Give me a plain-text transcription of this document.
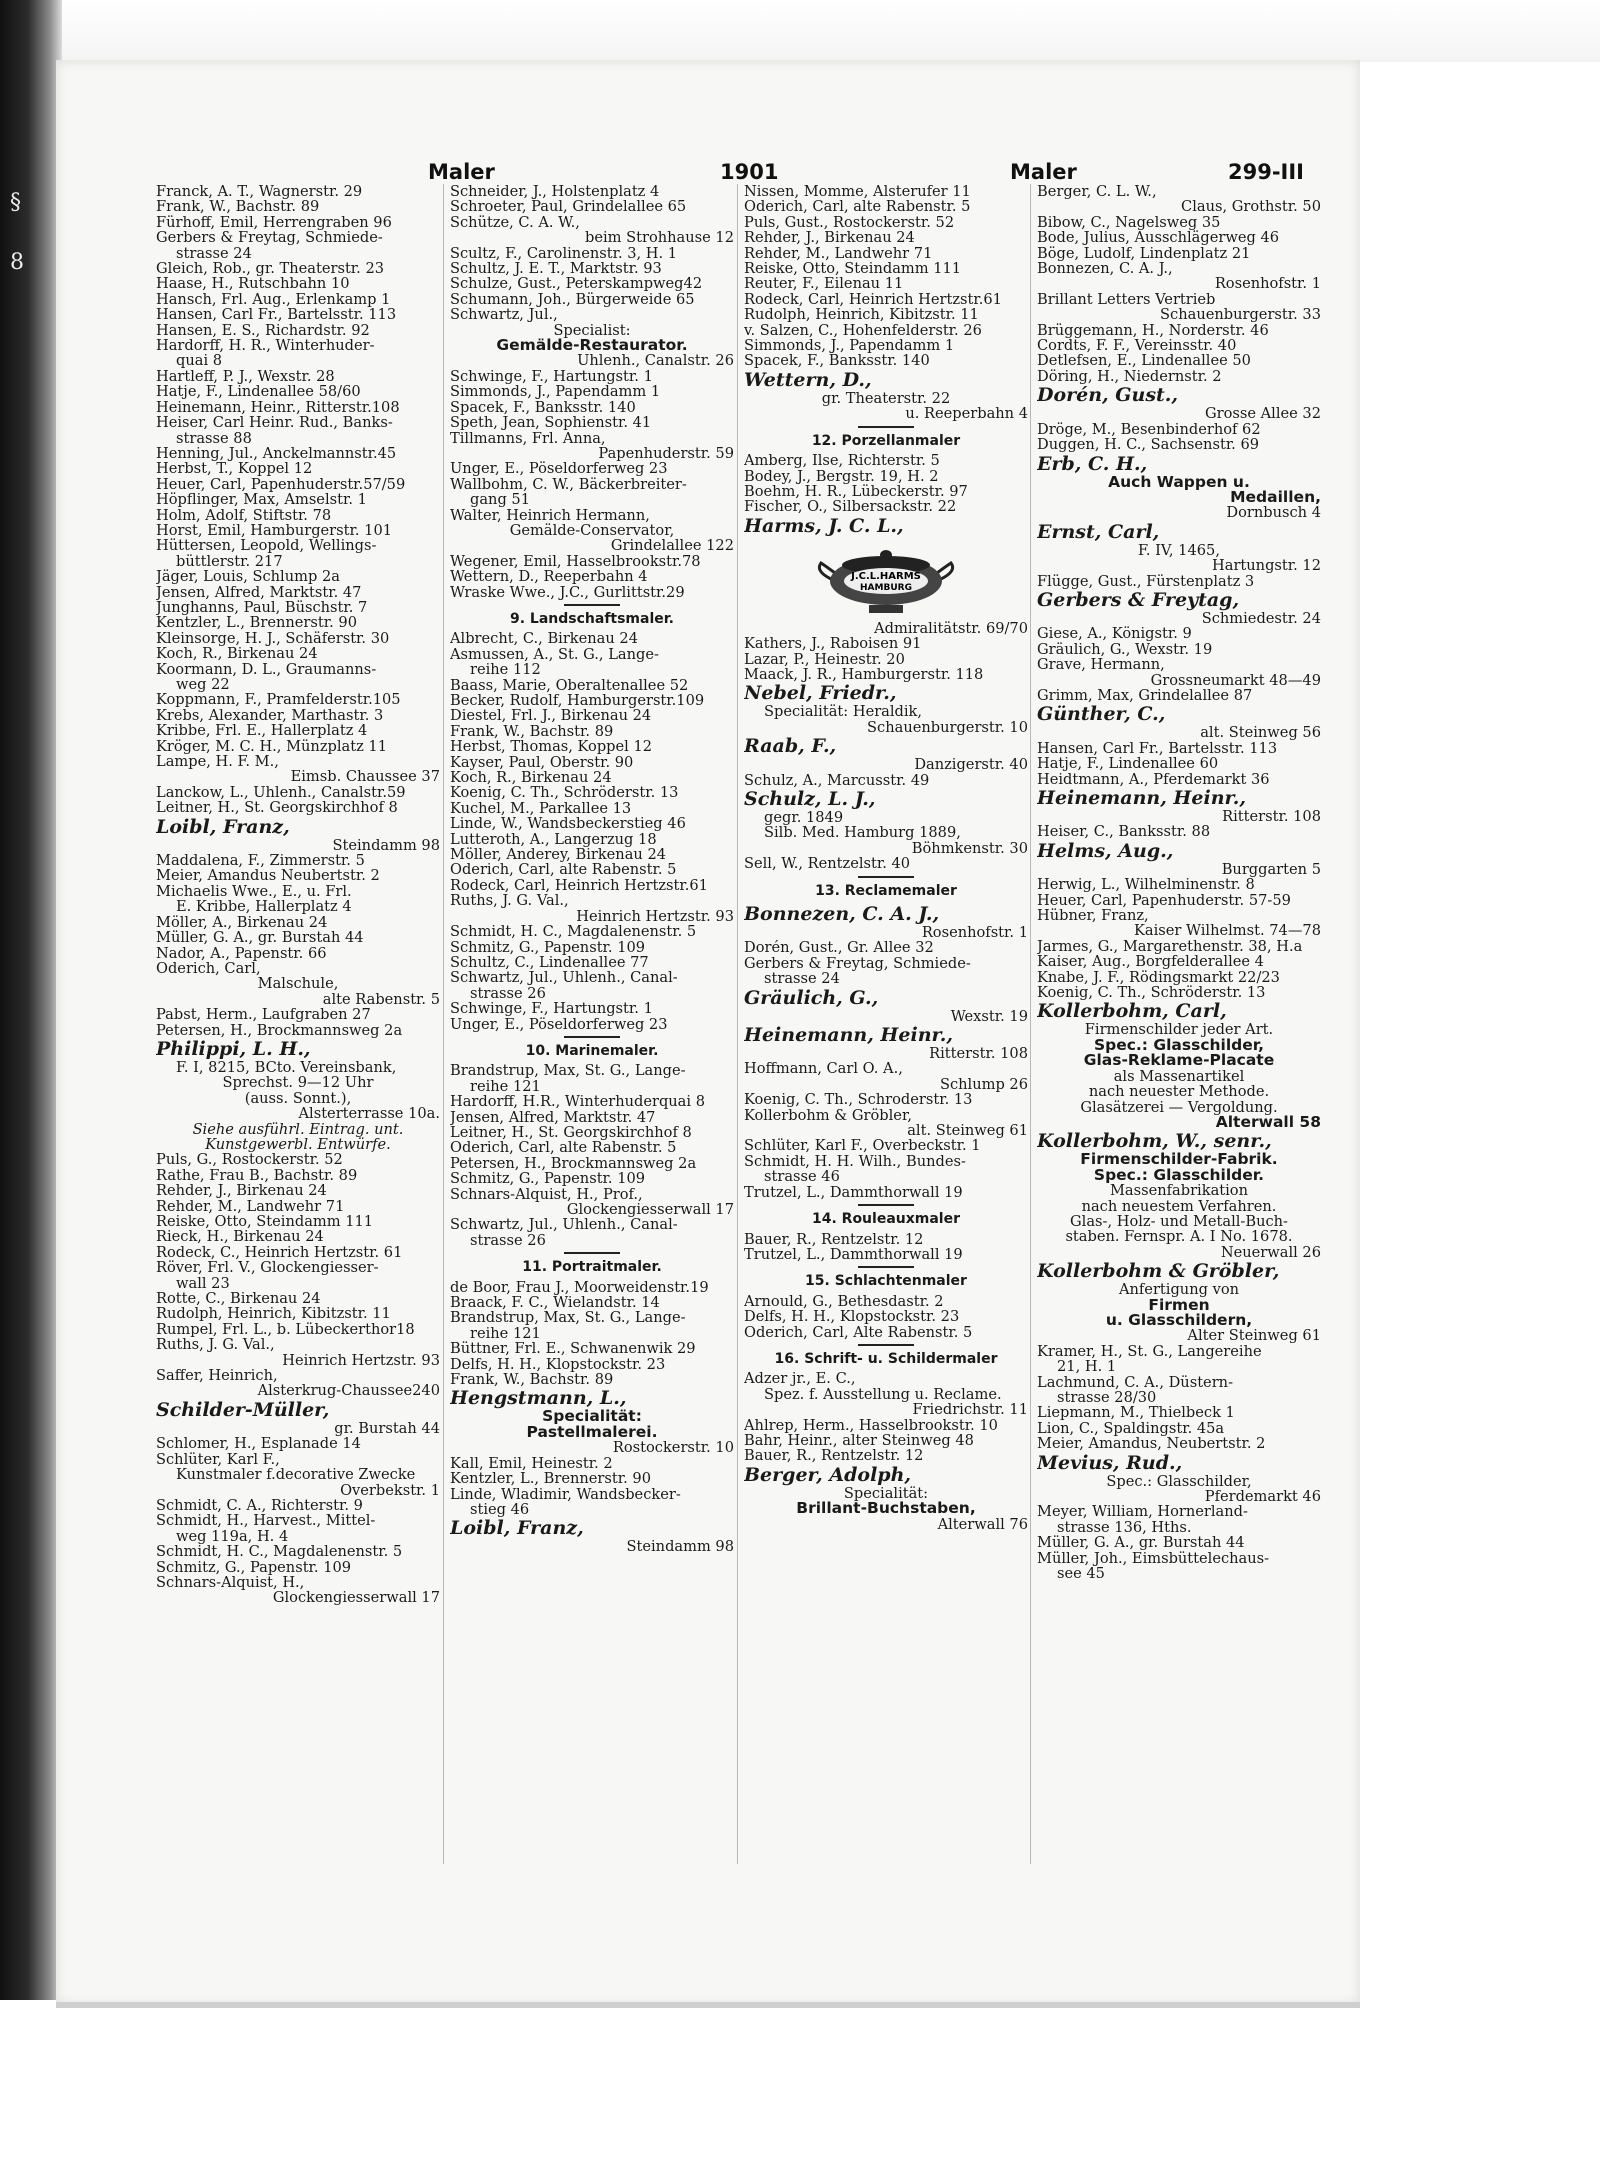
§
8
Maler	1901	Maler	299-III
Franck, A. T., Wagnerstr. 29
Frank, W., Bachstr. 89
Fürhoff, Emil, Herrengraben 96
Gerbers & Freytag, Schmiede-
strasse 24
Gleich, Rob., gr. Theaterstr. 23
Haase, H., Rutschbahn 10
Hansch, Frl. Aug., Erlenkamp 1
Hansen, Carl Fr., Bartelsstr. 113
Hansen, E. S., Richardstr. 92
Hardorff, H. R., Winterhuder-
quai 8
Hartleff, P. J., Wexstr. 28
Hatje, F., Lindenallee 58/60
Heinemann, Heinr., Ritterstr.108
Heiser, Carl Heinr. Rud., Banks-
strasse 88
Henning, Jul., Anckelmannstr.45
Herbst, T., Koppel 12
Heuer, Carl, Papenhuderstr.57/59
Höpflinger, Max, Amselstr. 1
Holm, Adolf, Stiftstr. 78
Horst, Emil, Hamburgerstr. 101
Hüttersen, Leopold, Wellings-
büttlerstr. 217
Jäger, Louis, Schlump 2a
Jensen, Alfred, Marktstr. 47
Junghanns, Paul, Büschstr. 7
Kentzler, L., Brennerstr. 90
Kleinsorge, H. J., Schäferstr. 30
Koch, R., Birkenau 24
Koormann, D. L., Graumanns-
weg 22
Koppmann, F., Pramfelderstr.105
Krebs, Alexander, Marthastr. 3
Kribbe, Frl. E., Hallerplatz 4
Kröger, M. C. H., Münzplatz 11
Lampe, H. F. M.,
Eimsb. Chaussee 37
Lanckow, L., Uhlenh., Canalstr.59
Leitner, H., St. Georgskirchhof 8
Loibl, Franz,
Steindamm 98
Maddalena, F., Zimmerstr. 5
Meier, Amandus Neubertstr. 2
Michaelis Wwe., E., u. Frl.
E. Kribbe, Hallerplatz 4
Möller, A., Birkenau 24
Müller, G. A., gr. Burstah 44
Nador, A., Papenstr. 66
Oderich, Carl,
Malschule,
alte Rabenstr. 5
Pabst, Herm., Laufgraben 27
Petersen, H., Brockmannsweg 2a
Philippi, L. H.,
F. I, 8215, BCto. Vereinsbank,
Sprechst. 9—12 Uhr
(auss. Sonnt.),
Alsterterrasse 10a.
Siehe ausführl. Eintrag. unt.
Kunstgewerbl. Entwürfe.
Puls, G., Rostockerstr. 52
Rathe, Frau B., Bachstr. 89
Rehder, J., Birkenau 24
Rehder, M., Landwehr 71
Reiske, Otto, Steindamm 111
Rieck, H., Birkenau 24
Rodeck, C., Heinrich Hertzstr. 61
Röver, Frl. V., Glockengiesser-
wall 23
Rotte, C., Birkenau 24
Rudolph, Heinrich, Kibitzstr. 11
Rumpel, Frl. L., b. Lübeckerthor18
Ruths, J. G. Val.,
Heinrich Hertzstr. 93
Saffer, Heinrich,
Alsterkrug-Chaussee240
Schilder-Müller,
gr. Burstah 44
Schlomer, H., Esplanade 14
Schlüter, Karl F.,
Kunstmaler f.decorative Zwecke
Overbekstr. 1
Schmidt, C. A., Richterstr. 9
Schmidt, H., Harvest., Mittel-
weg 119a, H. 4
Schmidt, H. C., Magdalenenstr. 5
Schmitz, G., Papenstr. 109
Schnars-Alquist, H.,
Glockengiesserwall 17
Schneider, J., Holstenplatz 4
Schroeter, Paul, Grindelallee 65
Schütze, C. A. W.,
beim Strohhause 12
Scultz, F., Carolinenstr. 3, H. 1
Schultz, J. E. T., Marktstr. 93
Schulze, Gust., Peterskampweg42
Schumann, Joh., Bürgerweide 65
Schwartz, Jul.,
Specialist:
Gemälde-Restaurator.
Uhlenh., Canalstr. 26
Schwinge, F., Hartungstr. 1
Simmonds, J., Papendamm 1
Spacek, F., Banksstr. 140
Speth, Jean, Sophienstr. 41
Tillmanns, Frl. Anna,
Papenhuderstr. 59
Unger, E., Pöseldorferweg 23
Wallbohm, C. W., Bäckerbreiter-
gang 51
Walter, Heinrich Hermann,
Gemälde-Conservator,
Grindelallee 122
Wegener, Emil, Hasselbrookstr.78
Wettern, D., Reeperbahn 4
Wraske Wwe., J.C., Gurlittstr.29
9. Landschaftsmaler.
Albrecht, C., Birkenau 24
Asmussen, A., St. G., Lange-
reihe 112
Baass, Marie, Oberaltenallee 52
Becker, Rudolf, Hamburgerstr.109
Diestel, Frl. J., Birkenau 24
Frank, W., Bachstr. 89
Herbst, Thomas, Koppel 12
Kayser, Paul, Oberstr. 90
Koch, R., Birkenau 24
Koenig, C. Th., Schröderstr. 13
Kuchel, M., Parkallee 13
Linde, W., Wandsbeckerstieg 46
Lutteroth, A., Langerzug 18
Möller, Anderey, Birkenau 24
Oderich, Carl, alte Rabenstr. 5
Rodeck, Carl, Heinrich Hertzstr.61
Ruths, J. G. Val.,
Heinrich Hertzstr. 93
Schmidt, H. C., Magdalenenstr. 5
Schmitz, G., Papenstr. 109
Schultz, C., Lindenallee 77
Schwartz, Jul., Uhlenh., Canal-
strasse 26
Schwinge, F., Hartungstr. 1
Unger, E., Pöseldorferweg 23
10. Marinemaler.
Brandstrup, Max, St. G., Lange-
reihe 121
Hardorff, H.R., Winterhuderquai 8
Jensen, Alfred, Marktstr. 47
Leitner, H., St. Georgskirchhof 8
Oderich, Carl, alte Rabenstr. 5
Petersen, H., Brockmannsweg 2a
Schmitz, G., Papenstr. 109
Schnars-Alquist, H., Prof.,
Glockengiesserwall 17
Schwartz, Jul., Uhlenh., Canal-
strasse 26
11. Portraitmaler.
de Boor, Frau J., Moorweidenstr.19
Braack, F. C., Wielandstr. 14
Brandstrup, Max, St. G., Lange-
reihe 121
Büttner, Frl. E., Schwanenwik 29
Delfs, H. H., Klopstockstr. 23
Frank, W., Bachstr. 89
Hengstmann, L.,
Specialität:
Pastellmalerei.
Rostockerstr. 10
Kall, Emil, Heinestr. 2
Kentzler, L., Brennerstr. 90
Linde, Wladimir, Wandsbecker-
stieg 46
Loibl, Franz,
Steindamm 98
Nissen, Momme, Alsterufer 11
Oderich, Carl, alte Rabenstr. 5
Puls, Gust., Rostockerstr. 52
Rehder, J., Birkenau 24
Rehder, M., Landwehr 71
Reiske, Otto, Steindamm 111
Reuter, F., Eilenau 11
Rodeck, Carl, Heinrich Hertzstr.61
Rudolph, Heinrich, Kibitzstr. 11
v. Salzen, C., Hohenfelderstr. 26
Simmonds, J., Papendamm 1
Spacek, F., Banksstr. 140
Wettern, D.,
gr. Theaterstr. 22
u. Reeperbahn 4
12. Porzellanmaler
Amberg, Ilse, Richterstr. 5
Bodey, J., Bergstr. 19, H. 2
Boehm, H. R., Lübeckerstr. 97
Fischer, O., Silbersackstr. 22
Harms, J. C. L.,
J.C.L.HARMS
HAMBURG
Admiralitätstr. 69/70
Kathers, J., Raboisen 91
Lazar, P., Heinestr. 20
Maack, J. R., Hamburgerstr. 118
Nebel, Friedr.,
Specialität: Heraldik,
Schauenburgerstr. 10
Raab, F.,
Danzigerstr. 40
Schulz, A., Marcusstr. 49
Schulz, L. J.,
gegr. 1849
Silb. Med. Hamburg 1889,
Böhmkenstr. 30
Sell, W., Rentzelstr. 40
13. Reclamemaler
Bonnezen, C. A. J.,
Rosenhofstr. 1
Dorén, Gust., Gr. Allee 32
Gerbers & Freytag, Schmiede-
strasse 24
Gräulich, G.,
Wexstr. 19
Heinemann, Heinr.,
Ritterstr. 108
Hoffmann, Carl O. A.,
Schlump 26
Koenig, C. Th., Schroderstr. 13
Kollerbohm & Gröbler,
alt. Steinweg 61
Schlüter, Karl F., Overbeckstr. 1
Schmidt, H. H. Wilh., Bundes-
strasse 46
Trutzel, L., Dammthorwall 19
14. Rouleauxmaler
Bauer, R., Rentzelstr. 12
Trutzel, L., Dammthorwall 19
15. Schlachtenmaler
Arnould, G., Bethesdastr. 2
Delfs, H. H., Klopstockstr. 23
Oderich, Carl, Alte Rabenstr. 5
16. Schrift- u. Schildermaler
Adzer jr., E. C.,
Spez. f. Ausstellung u. Reclame.
Friedrichstr. 11
Ahlrep, Herm., Hasselbrookstr. 10
Bahr, Heinr., alter Steinweg 48
Bauer, R., Rentzelstr. 12
Berger, Adolph,
Specialität:
Brillant-Buchstaben,
Alterwall 76
Berger, C. L. W.,
Claus, Grothstr. 50
Bibow, C., Nagelsweg 35
Bode, Julius, Ausschlägerweg 46
Böge, Ludolf, Lindenplatz 21
Bonnezen, C. A. J.,
Rosenhofstr. 1
Brillant Letters Vertrieb
Schauenburgerstr. 33
Brüggemann, H., Norderstr. 46
Cordts, F. F., Vereinsstr. 40
Detlefsen, E., Lindenallee 50
Döring, H., Niedernstr. 2
Dorén, Gust.,
Grosse Allee 32
Dröge, M., Besenbinderhof 62
Duggen, H. C., Sachsenstr. 69
Erb, C. H.,
Auch Wappen u.
Medaillen,
Dornbusch 4
Ernst, Carl,
F. IV, 1465,
Hartungstr. 12
Flügge, Gust., Fürstenplatz 3
Gerbers & Freytag,
Schmiedestr. 24
Giese, A., Königstr. 9
Gräulich, G., Wexstr. 19
Grave, Hermann,
Grossneumarkt 48—49
Grimm, Max, Grindelallee 87
Günther, C.,
alt. Steinweg 56
Hansen, Carl Fr., Bartelsstr. 113
Hatje, F., Lindenallee 60
Heidtmann, A., Pferdemarkt 36
Heinemann, Heinr.,
Ritterstr. 108
Heiser, C., Banksstr. 88
Helms, Aug.,
Burggarten 5
Herwig, L., Wilhelminenstr. 8
Heuer, Carl, Papenhuderstr. 57-59
Hübner, Franz,
Kaiser Wilhelmst. 74—78
Jarmes, G., Margarethenstr. 38, H.a
Kaiser, Aug., Borgfelderallee 4
Knabe, J. F., Rödingsmarkt 22/23
Koenig, C. Th., Schröderstr. 13
Kollerbohm, Carl,
Firmenschilder jeder Art.
Spec.: Glasschilder,
Glas-Reklame-Placate
als Massenartikel
nach neuester Methode.
Glasätzerei — Vergoldung.
Alterwall 58
Kollerbohm, W., senr.,
Firmenschilder-Fabrik.
Spec.: Glasschilder.
Massenfabrikation
nach neuestem Verfahren.
Glas-, Holz- und Metall-Buch-
staben. Fernspr. A. I No. 1678.
Neuerwall 26
Kollerbohm & Gröbler,
Anfertigung von
Firmen
u. Glasschildern,
Alter Steinweg 61
Kramer, H., St. G., Langereihe
21, H. 1
Lachmund, C. A., Düstern-
strasse 28/30
Liepmann, M., Thielbeck 1
Lion, C., Spaldingstr. 45a
Meier, Amandus, Neubertstr. 2
Mevius, Rud.,
Spec.: Glasschilder,
Pferdemarkt 46
Meyer, William, Hornerland-
strasse 136, Hths.
Müller, G. A., gr. Burstah 44
Müller, Joh., Eimsbüttelechaus-
see 45
